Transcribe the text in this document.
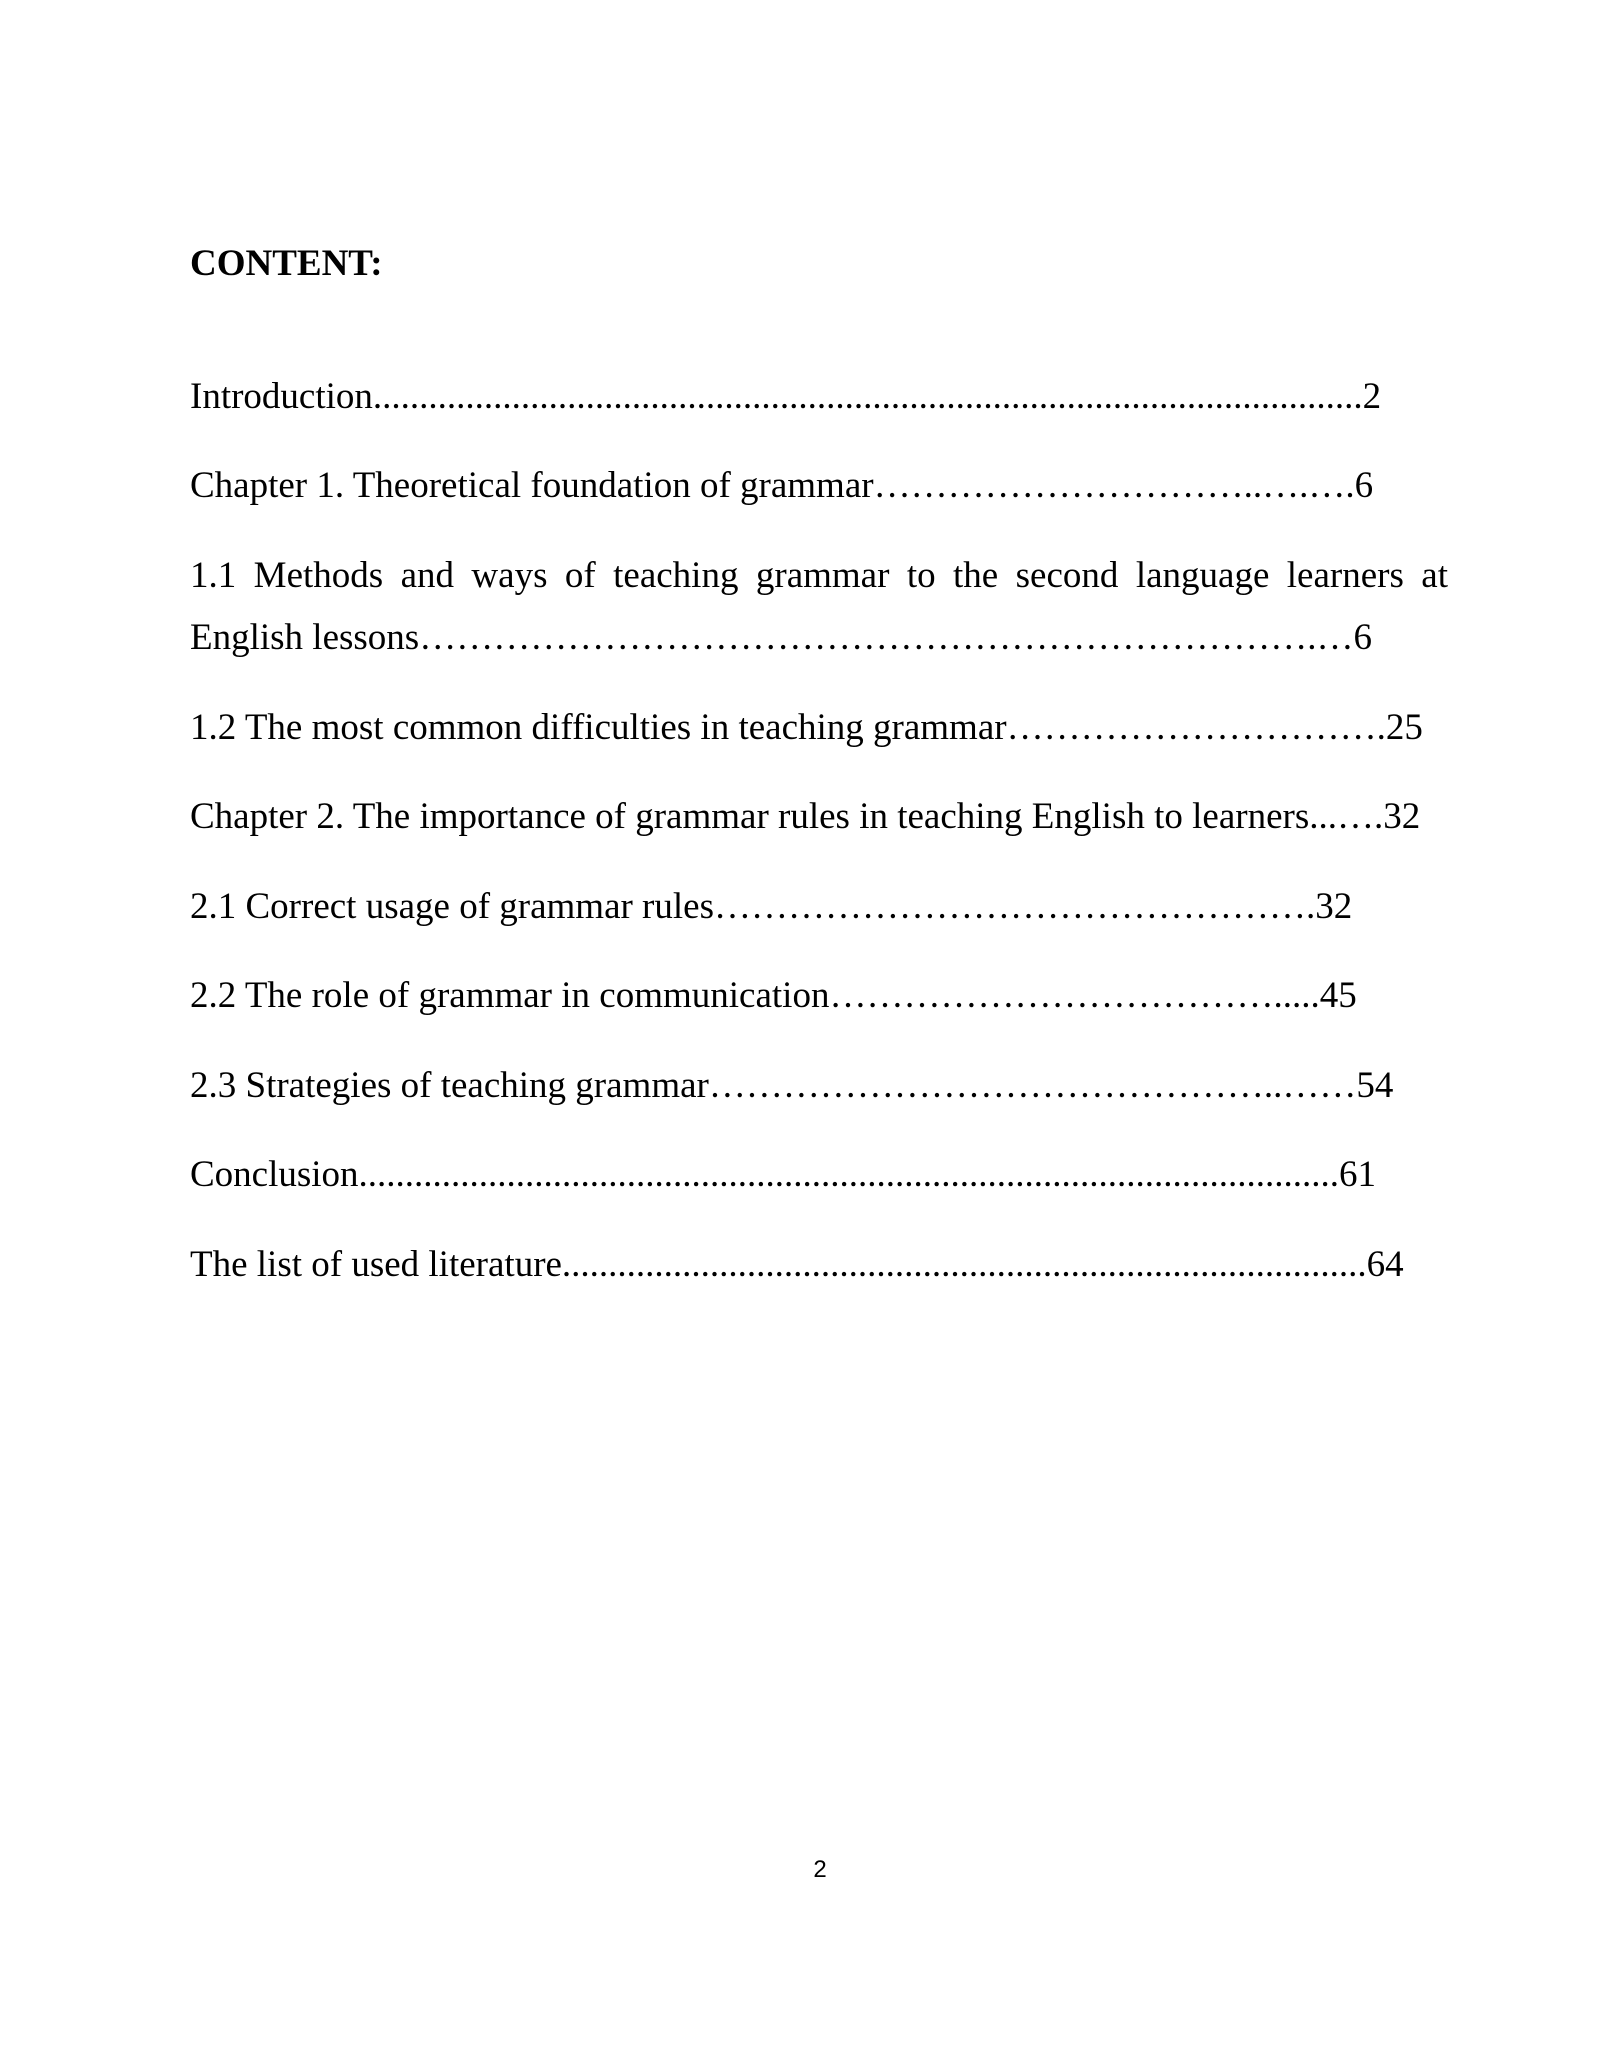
CONTENT:
Introduction...........................................................................................................2
Chapter 1. Theoretical foundation of grammar…………………………..….….6
1.1 Methods and ways of teaching grammar to the second language learners at
English lessons……………………………………………………………….…6
1.2 The most common difficulties in teaching grammar………………………….25
Chapter 2. The importance of grammar rules in teaching English to learners...….32
2.1 Correct usage of grammar rules………………………………………….32
2.2 The role of grammar in communication……………………………….....45
2.3 Strategies of teaching grammar………………………………………..……54
Conclusion..........................................................................................................61
The list of used literature.......................................................................................64
2
